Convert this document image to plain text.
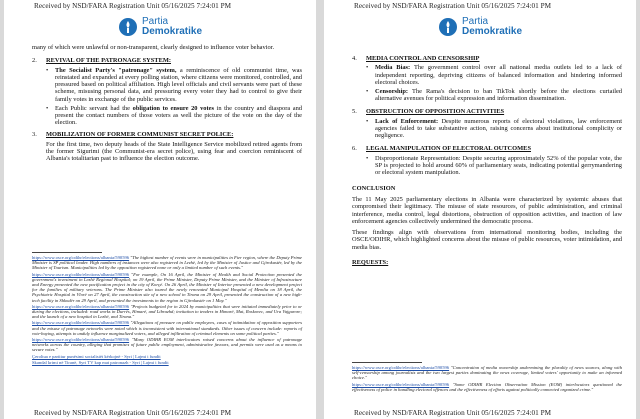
Received by NSD/FARA Registration Unit 05/16/2025 7:24:01 PM
Partia
Demokratike

many of which were unlawful or non-transparent, clearly designed to influence voter behavior.

2.	REVIVAL OF THE PATRONAGE SYSTEM:

•	The Socialist Party's "patronage" system, a reminiscence of old communist time, was reinstated and expanded at every polling station, where citizens were monitored, controlled, and pressured based on political affiliation. High level officials and civil servants were part of these scheme, misusing personal data, and pressuring every voter they had to control to give their family votes in exchange of the public services.

•	Each Public servant had the obligation to ensure 20 votes in the country and diaspora and present the contact numbers of those voters as well the picture of the vote on the day of the election.

3.	MOBILIZATION OF FORMER COMMUNIST SECRET POLICE:

For the first time, two deputy heads of the State Intelligence Service mobilized retired agents from the former Sigurimi (the Communist-era secret police), using fear and coercion reminiscent of Albania's totalitarian past to influence the election outcome.

https://www.osce.org/odihr/elections/albania/590596 "The highest number of events were in municipalities in Fier region, where the Deputy Prime Minister is SP political leader. High numbers of instances were also registered in Lezhë, led by the Minister of Justice and Gjirokastër, led by the Minister of Tourism. Municipalities led by the opposition registered none or only a limited number of such events."

https://www.osce.org/odihr/elections/albania/590596 "For example, On 16 April, the Minister of Health and Social Protection presented the government's investment in Lezhë Regional Hospital; on 19 April, the Prime Minister, Deputy Prime Minister, and the Minister of Infrastructure and Energy presented the new pacification project in the city of Korçë. On 26 April, the Minister of Interior presented a new development project for the families of military veterans. The Prime Minister also toured the newly renovated Municipal Hospital of Memlia on 18 April, the Psychiatric Hospital in Vlorë on 27 April, the construction site of a new school in Tirana on 29 April, presented the construction of a new high-tech facility in Shkodër on 29 April, and presented the investments in the region in Gjirokastër on 1 May."

https://www.osce.org/odihr/elections/albania/590596 "Projects budgeted for in 2024 by municipalities that were initiated immediately prior to or during the elections, included: road works in Durrës, Himarë, and Librazhd; invitation to tenders in Himarë, Mat, Roskovec, and Ura Vajgurore; and the launch of a new hospital in Lezhë, and Tirana."

https://www.osce.org/odihr/elections/albania/590596 "Allegations of pressure on public employees, cases of intimidation of opposition supporters and the misuse of patronage networks were noted which is inconsistent with international standards. Other issues of concern include: reports of vote-buying, attempts to unduly influence marginalized voters, and alleged infiltration of criminal elements on some political parties."

https://www.osce.org/odihr/elections/albania/590596 "Many ODIHR EOM interlocutors raised concerns about the influence of patronage networks across the country, alleging that promises of future public employment, administrative favours, and permits were used as a means to secure votes."

Çeroltua e partitur punësimi socialistët kërkojnë - Syri | Lajmi i fundit

Skandal krimi në Tiranë, Syri TV kap mat patronazh - Syri | Lajmi i fundit

Received by NSD/FARA Registration Unit 05/16/2025 7:24:01 PM
Received by NSD/FARA Registration Unit 05/16/2025 7:24:01 PM
Partia
Demokratike
4.	MEDIA CONTROL AND CENSORSHIP

•	Media Bias: The government control over all national media outlets led to a lack of independent reporting, depriving citizens of balanced information and hindering informed electoral choices.

•	Censorship: The Rama's decision to ban TikTok shortly before the elections curtailed alternative avenues for political expression and information dissemination.

5.	OBSTRUCTION OF OPPOSITION ACTIVITIES

•	Lack of Enforcement: Despite numerous reports of electoral violations, law enforcement agencies failed to take substantive action, raising concerns about institutional complicity or negligence.

6.	LEGAL MANIPULATION OF ELECTORAL OUTCOMES

•	Disproportionate Representation: Despite securing approximately 52% of the popular vote, the SP is projected to hold around 60% of parliamentary seats, indicating potential gerrymandering or electoral system manipulation.

CONCLUSION

The 11 May 2025 parliamentary elections in Albania were characterized by systemic abuses that compromised their legitimacy. The misuse of state resources, of public administration, and criminal interference, media control, legal distortions, obstruction of opposition activities, and inaction of law enforcement agencies collectively undermined the democratic process.

These findings align with observations from international monitoring bodies, including the OSCE/ODIHR, which highlighted concerns about the misuse of public resources, voter intimidation, and media bias.

REQUESTS:

https://www.osce.org/odihr/elections/albania/590596 "Concentration of media ownership undermining the plurality of news sources, along with self-censorship among journalists and the two largest parties dominating the news coverage, limited voters' opportunity to make an informed choice."

https://www.osce.org/odihr/elections/albania/590596 "Some ODIHR Election Observation Mission (EOM) interlocutors questioned the effectiveness of police in handling electoral offences and the effectiveness of efforts against politically connected organized crime."

Received by NSD/FARA Registration Unit 05/16/2025 7:24:01 PM
